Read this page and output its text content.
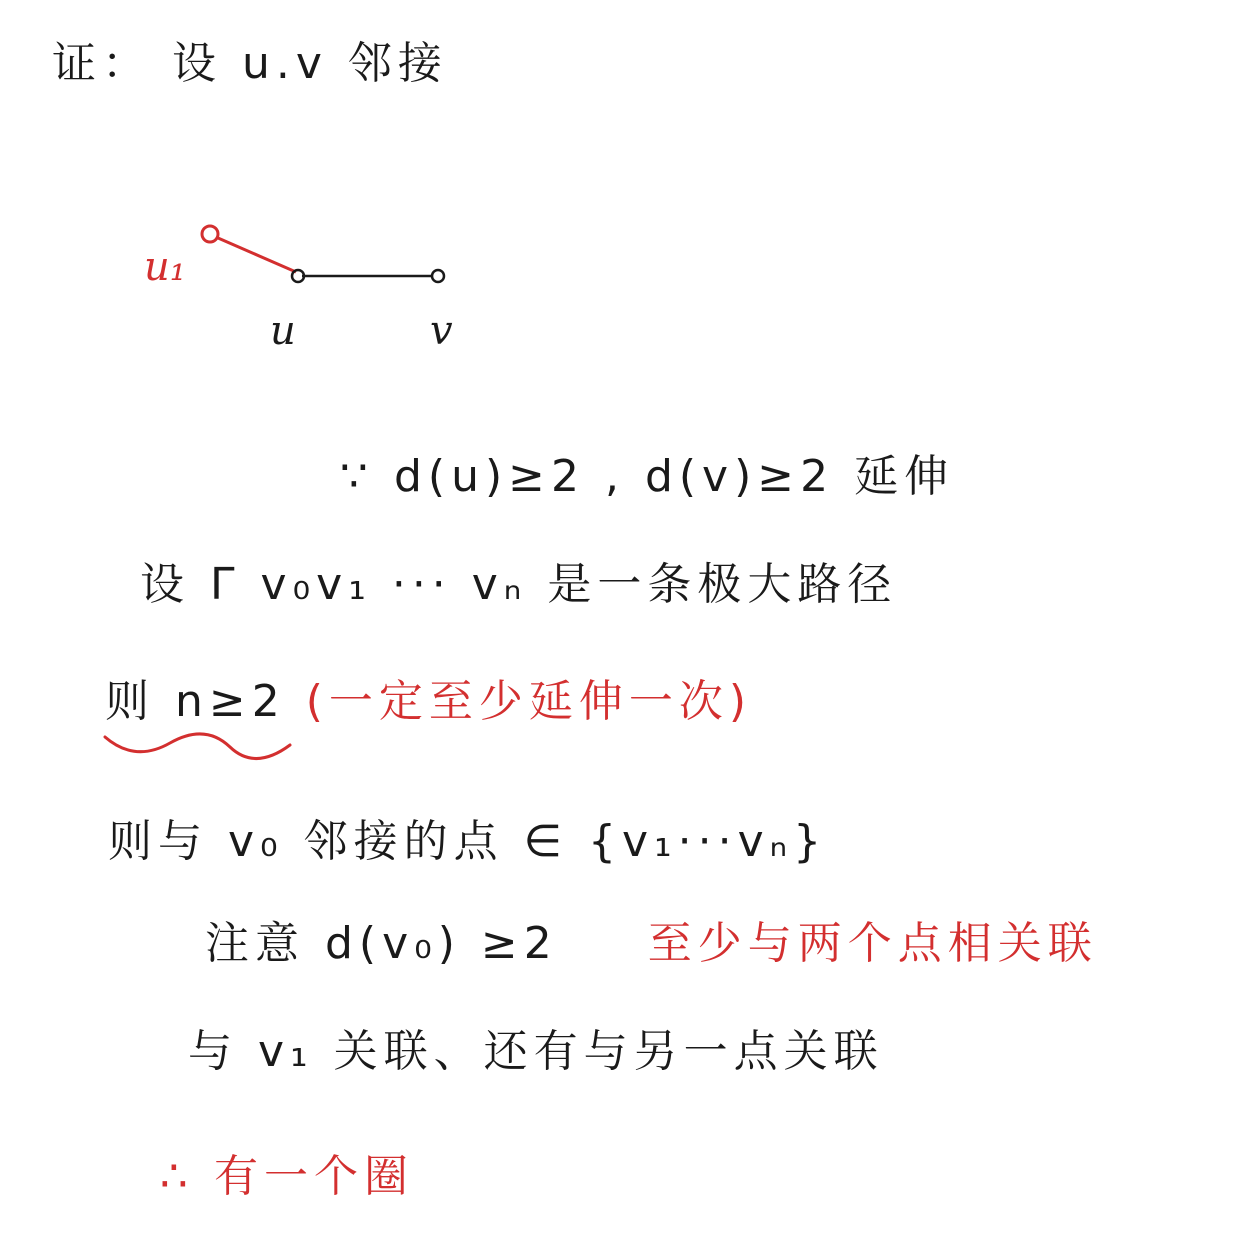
证： 设 u.v 邻接
u₁
u	v
∵ d(u)≥2 , d(v)≥2 延伸
设 Γ v₀v₁ ··· vₙ 是一条极大路径
则 n≥2 (一定至少延伸一次)
则与 v₀ 邻接的点 ∈ {v₁···vₙ}
注意 d(v₀) ≥2 至少与两个点相关联
与 v₁ 关联、还有与另一点关联
∴ 有一个圈
